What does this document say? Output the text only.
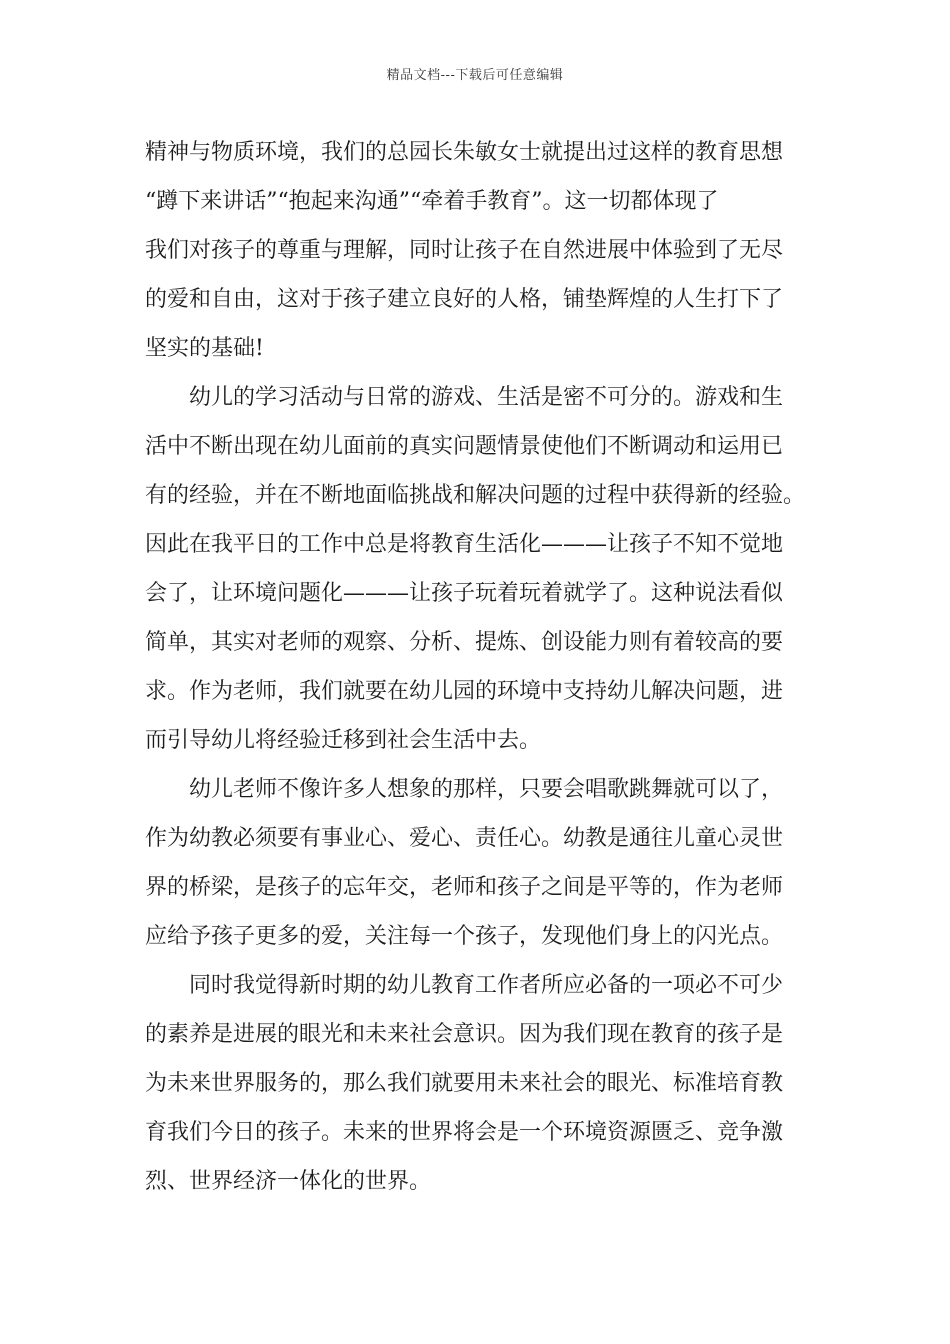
精品文档---下载后可任意编辑
精神与物质环境，我们的总园长朱敏女士就提出过这样的教育思想
“蹲下来讲话”“抱起来沟通”“牵着手教育”。这一切都体现了
我们对孩子的尊重与理解，同时让孩子在自然进展中体验到了无尽
的爱和自由，这对于孩子建立良好的人格，铺垫辉煌的人生打下了
坚实的基础!
幼儿的学习活动与日常的游戏、生活是密不可分的。游戏和生
活中不断出现在幼儿面前的真实问题情景使他们不断调动和运用已
有的经验，并在不断地面临挑战和解决问题的过程中获得新的经验。
因此在我平日的工作中总是将教育生活化———让孩子不知不觉地
会了，让环境问题化———让孩子玩着玩着就学了。这种说法看似
简单，其实对老师的观察、分析、提炼、创设能力则有着较高的要
求。作为老师，我们就要在幼儿园的环境中支持幼儿解决问题，进
而引导幼儿将经验迁移到社会生活中去。
幼儿老师不像许多人想象的那样，只要会唱歌跳舞就可以了，
作为幼教必须要有事业心、爱心、责任心。幼教是通往儿童心灵世
界的桥梁，是孩子的忘年交，老师和孩子之间是平等的，作为老师
应给予孩子更多的爱，关注每一个孩子，发现他们身上的闪光点。
同时我觉得新时期的幼儿教育工作者所应必备的一项必不可少
的素养是进展的眼光和未来社会意识。因为我们现在教育的孩子是
为未来世界服务的，那么我们就要用未来社会的眼光、标准培育教
育我们今日的孩子。未来的世界将会是一个环境资源匮乏、竞争激
烈、世界经济一体化的世界。
